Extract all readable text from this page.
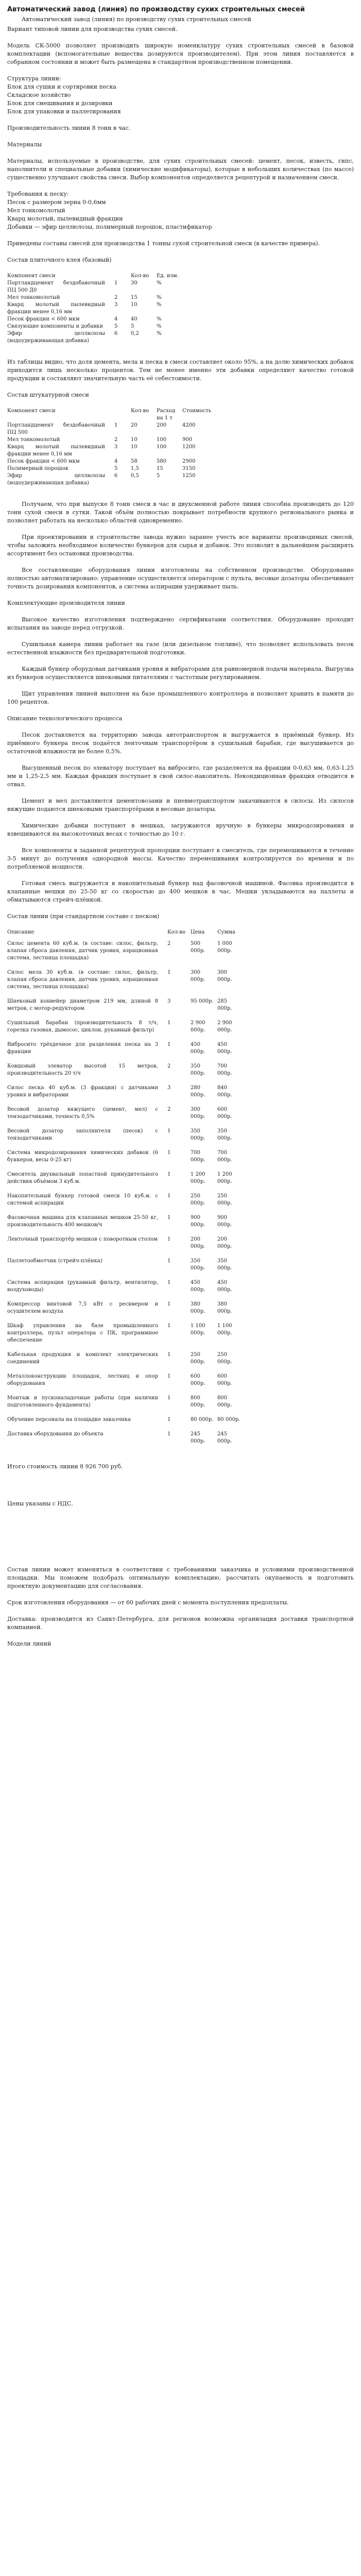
Автоматический завод (линия) по производству сухих строительных смесей

Автоматический завод (линия) по производству сухих строительных смесей

Вариант типовой линии для производства сухих смесей.

Модель СК-5000 позволяет производить широкую номенклатуру сухих строительных смесей в базовой комплектации (вспомогательные вещества дозируются производителем). При этом линия поставляется в собранном состоянии и может быть размещена в стандартном производственном помещении.

Структура линии:
Блок для сушки и сортировки песка
Складское хозяйство
Блок для смешивания и дозировки
Блок для упаковки и паллетирования

Производительность линии 8 тонн в час.

Материалы

Материалы, используемые в производстве, для сухих строительных смесей: цемент, песок, известь, гипс, наполнители и специальные добавки (химические модификаторы), которые в небольших количествах (по массе) существенно улучшают свойства смеси. Выбор компонентов определяется рецептурой и назначением смеси.

Требования к песку:
Песок с размером зерна 0-0,6мм
Мел тонкомолотый
Кварц молотый, пылевидный фракции
Добавки — эфир целлюлозы, полимерный порошок, пластификатор

Приведены составы смесей для производства 1 тонны сухой строительной смеси (в качестве примера).

Состав плиточного клея (базовый)

Компонент смеси		Кол-во	Ед. изм.
Портландцемент бездобавочный ПЦ 500 Д0	1	30	%
Мел тонкомолотый	2	15	%
Кварц молотый пылевидный фракции менее 0,16 мм	3	10	%
Песок фракции < 600 мкм	4	40	%
Связующие компоненты и добавки	5	5	%
Эфир целлюлозы (водоудерживающая добавка)	6	0,2	%

Из таблицы видно, что доля цемента, мела и песка в смеси составляет около 95%, а на долю химических добавок приходится лишь несколько процентов. Тем не менее именно эти добавки определяют качество готовой продукции и составляют значительную часть её себестоимости.

Состав штукатурной смеси

Компонент смеси		Кол-во	Расход на 1 т	Стоимость
Портландцемент бездобавочный ПЦ 500	1	20	200	4200
Мел тонкомолотый	2	10	100	900
Кварц молотый пылевидный фракции менее 0,16 мм	3	10	100	1200
Песок фракции < 600 мкм	4	58	580	2900
Полимерный порошок	5	1,5	15	3150
Эфир целлюлозы (водоудерживающая добавка)	6	0,5	5	1250

Получаем, что при выпуске 8 тонн смеси в час и двухсменной работе линия способна производить до 120 тонн сухой смеси в сутки. Такой объём полностью покрывает потребности крупного регионального рынка и позволяет работать на несколько областей одновременно.

При проектировании и строительстве завода нужно заранее учесть все варианты производимых смесей, чтобы заложить необходимое количество бункеров для сырья и добавок. Это позволит в дальнейшем расширять ассортимент без остановки производства.

Все составляющие оборудования линии изготовлены на собственном производстве. Оборудование полностью автоматизировано: управление осуществляется оператором с пульта, весовые дозаторы обеспечивают точность дозирования компонентов, а система аспирации удерживает пыль.

Комплектующие производителя линии

Высокое качество изготовления подтверждено сертификатами соответствия. Оборудование проходит испытания на заводе перед отгрузкой.

Сушильная камера линии работает на газе (или дизельном топливе), что позволяет использовать песок естественной влажности без предварительной подготовки.

Каждый бункер оборудован датчиками уровня и вибраторами для равномерной подачи материала. Выгрузка из бункеров осуществляется шнековыми питателями с частотным регулированием.

Щит управления линией выполнен на базе промышленного контроллера и позволяет хранить в памяти до 100 рецептов.

Описание технологического процесса

Песок доставляется на территорию завода автотранспортом и выгружается в приёмный бункер. Из приёмного бункера песок подаётся ленточным транспортёром в сушильный барабан, где высушивается до остаточной влажности не более 0,5%.

Высушенный песок по элеватору поступает на вибросито, где разделяется на фракции 0-0,63 мм, 0,63-1,25 мм и 1,25-2,5 мм. Каждая фракция поступает в свой силос-накопитель. Некондиционная фракция отводится в отвал.

Цемент и мел доставляются цементовозами и пневмотранспортом закачиваются в силосы. Из силосов вяжущие подаются шнековыми транспортёрами в весовые дозаторы.

Химические добавки поступают в мешках, загружаются вручную в бункеры микродозирования и взвешиваются на высокоточных весах с точностью до 10 г.

Все компоненты в заданной рецептурой пропорции поступают в смеситель, где перемешиваются в течение 3-5 минут до получения однородной массы. Качество перемешивания контролируется по времени и по потребляемой мощности.

Готовая смесь выгружается в накопительный бункер над фасовочной машиной. Фасовка производится в клапанные мешки по 25-50 кг со скоростью до 400 мешков в час. Мешки укладываются на паллеты и обматываются стрейч-плёнкой.

Состав линии (при стандартном составе с песком)

Описание	Кол-во	Цена	Сумма
Силос цемента 60 куб.м. (в составе: силос, фильтр, клапан сброса давления, датчик уровня, аэрационная система, лестница площадка)	2	500 000р.	1 000 000р.
Силос мела 30 куб.м. (в составе: силос, фильтр, клапан сброса давления, датчик уровня, аэрационная система, лестница площадка)	1	300 000р.	300 000р.
Шнековый конвейер диаметром 219 мм, длиной 8 метров, с мотор-редуктором	3	95 000р.	285 000р.
Сушильный барабан (производительность 8 т/ч, горелка газовая, дымосос, циклон, рукавный фильтр)	1	2 900 000р.	2 900 000р.
Вибросито трёхдечное для разделения песка на 3 фракции	1	450 000р.	450 000р.
Ковшовый элеватор высотой 15 метров, производительность 20 т/ч	2	350 000р.	700 000р.
Силос песка 40 куб.м. (3 фракции) с датчиками уровня и вибраторами	3	280 000р.	840 000р.
Весовой дозатор вяжущего (цемент, мел) с тензодатчиками, точность 0,5%	2	300 000р.	600 000р.
Весовой дозатор заполнителя (песок) с тензодатчиками	1	350 000р.	350 000р.
Система микродозирования химических добавок (6 бункеров, весы 0-25 кг)	1	700 000р.	700 000р.
Смеситель двухвальный лопастной принудительного действия объёмом 3 куб.м.	1	1 200 000р.	1 200 000р.
Накопительный бункер готовой смеси 10 куб.м. с системой аспирации	1	250 000р.	250 000р.
Фасовочная машина для клапанных мешков 25-50 кг, производительность 400 мешков/ч	1	900 000р.	900 000р.
Ленточный транспортёр мешков с поворотным столом	1	200 000р.	200 000р.
Паллетообмотчик (стрейч-плёнка)	1	350 000р.	350 000р.
Система аспирации (рукавный фильтр, вентилятор, воздуховоды)	1	450 000р.	450 000р.
Компрессор винтовой 7,5 кВт с ресивером и осушителем воздуха	1	380 000р.	380 000р.
Шкаф управления на базе промышленного контроллера, пульт оператора с ПК, программное обеспечение	1	1 100 000р.	1 100 000р.
Кабельная продукция и комплект электрических соединений	1	250 000р.	250 000р.
Металлоконструкции площадок, лестниц и опор оборудования	1	600 000р.	600 000р.
Монтаж и пусконаладочные работы (при наличии подготовленного фундамента)	1	800 000р.	800 000р.
Обучение персонала на площадке заказчика	1	80 000р.	80 000р.
Доставка оборудования до объекта	1	245 000р.	245 000р.

Итого стоимость линии 8 926 700 руб.

Цены указаны с НДС.

Состав линии может изменяться в соответствии с требованиями заказчика и условиями производственной площадки. Мы поможем подобрать оптимальную комплектацию, рассчитать окупаемость и подготовить проектную документацию для согласования.

Срок изготовления оборудования — от 60 рабочих дней с момента поступления предоплаты.

Доставка: производится из Санкт-Петербурга, для регионов возможна организация доставки транспортной компанией.

Модели линий
